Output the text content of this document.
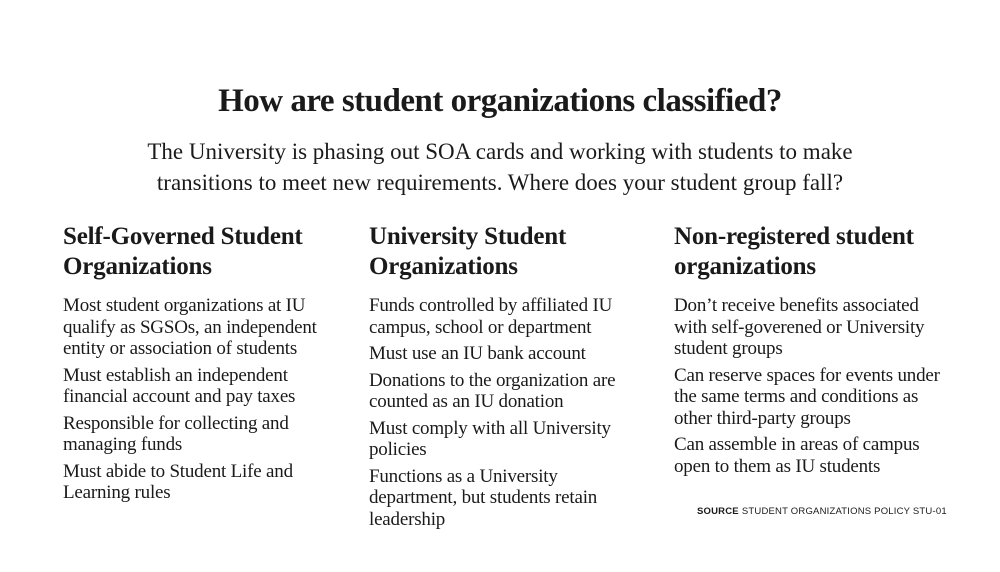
How are student organizations classified?

The University is phasing out SOA cards and working with students to make transitions to meet new requirements. Where does your student group fall?

Self-Governed Student Organizations
Most student organizations at IU qualify as SGSOs, an independent entity or association of students
Must establish an independent financial account and pay taxes
Responsible for collecting and managing funds
Must abide to Student Life and Learning rules
University Student Organizations
Funds controlled by affiliated IU campus, school or department
Must use an IU bank account
Donations to the organization are counted as an IU donation
Must comply with all University policies
Functions as a University department, but students retain leadership
Non-registered student organizations
Don’t receive benefits associated with self-goverened or University student groups
Can reserve spaces for events under the same terms and conditions as other third-party groups
Can assemble in areas of campus open to them as IU students
SOURCE STUDENT ORGANIZATIONS POLICY STU-01
